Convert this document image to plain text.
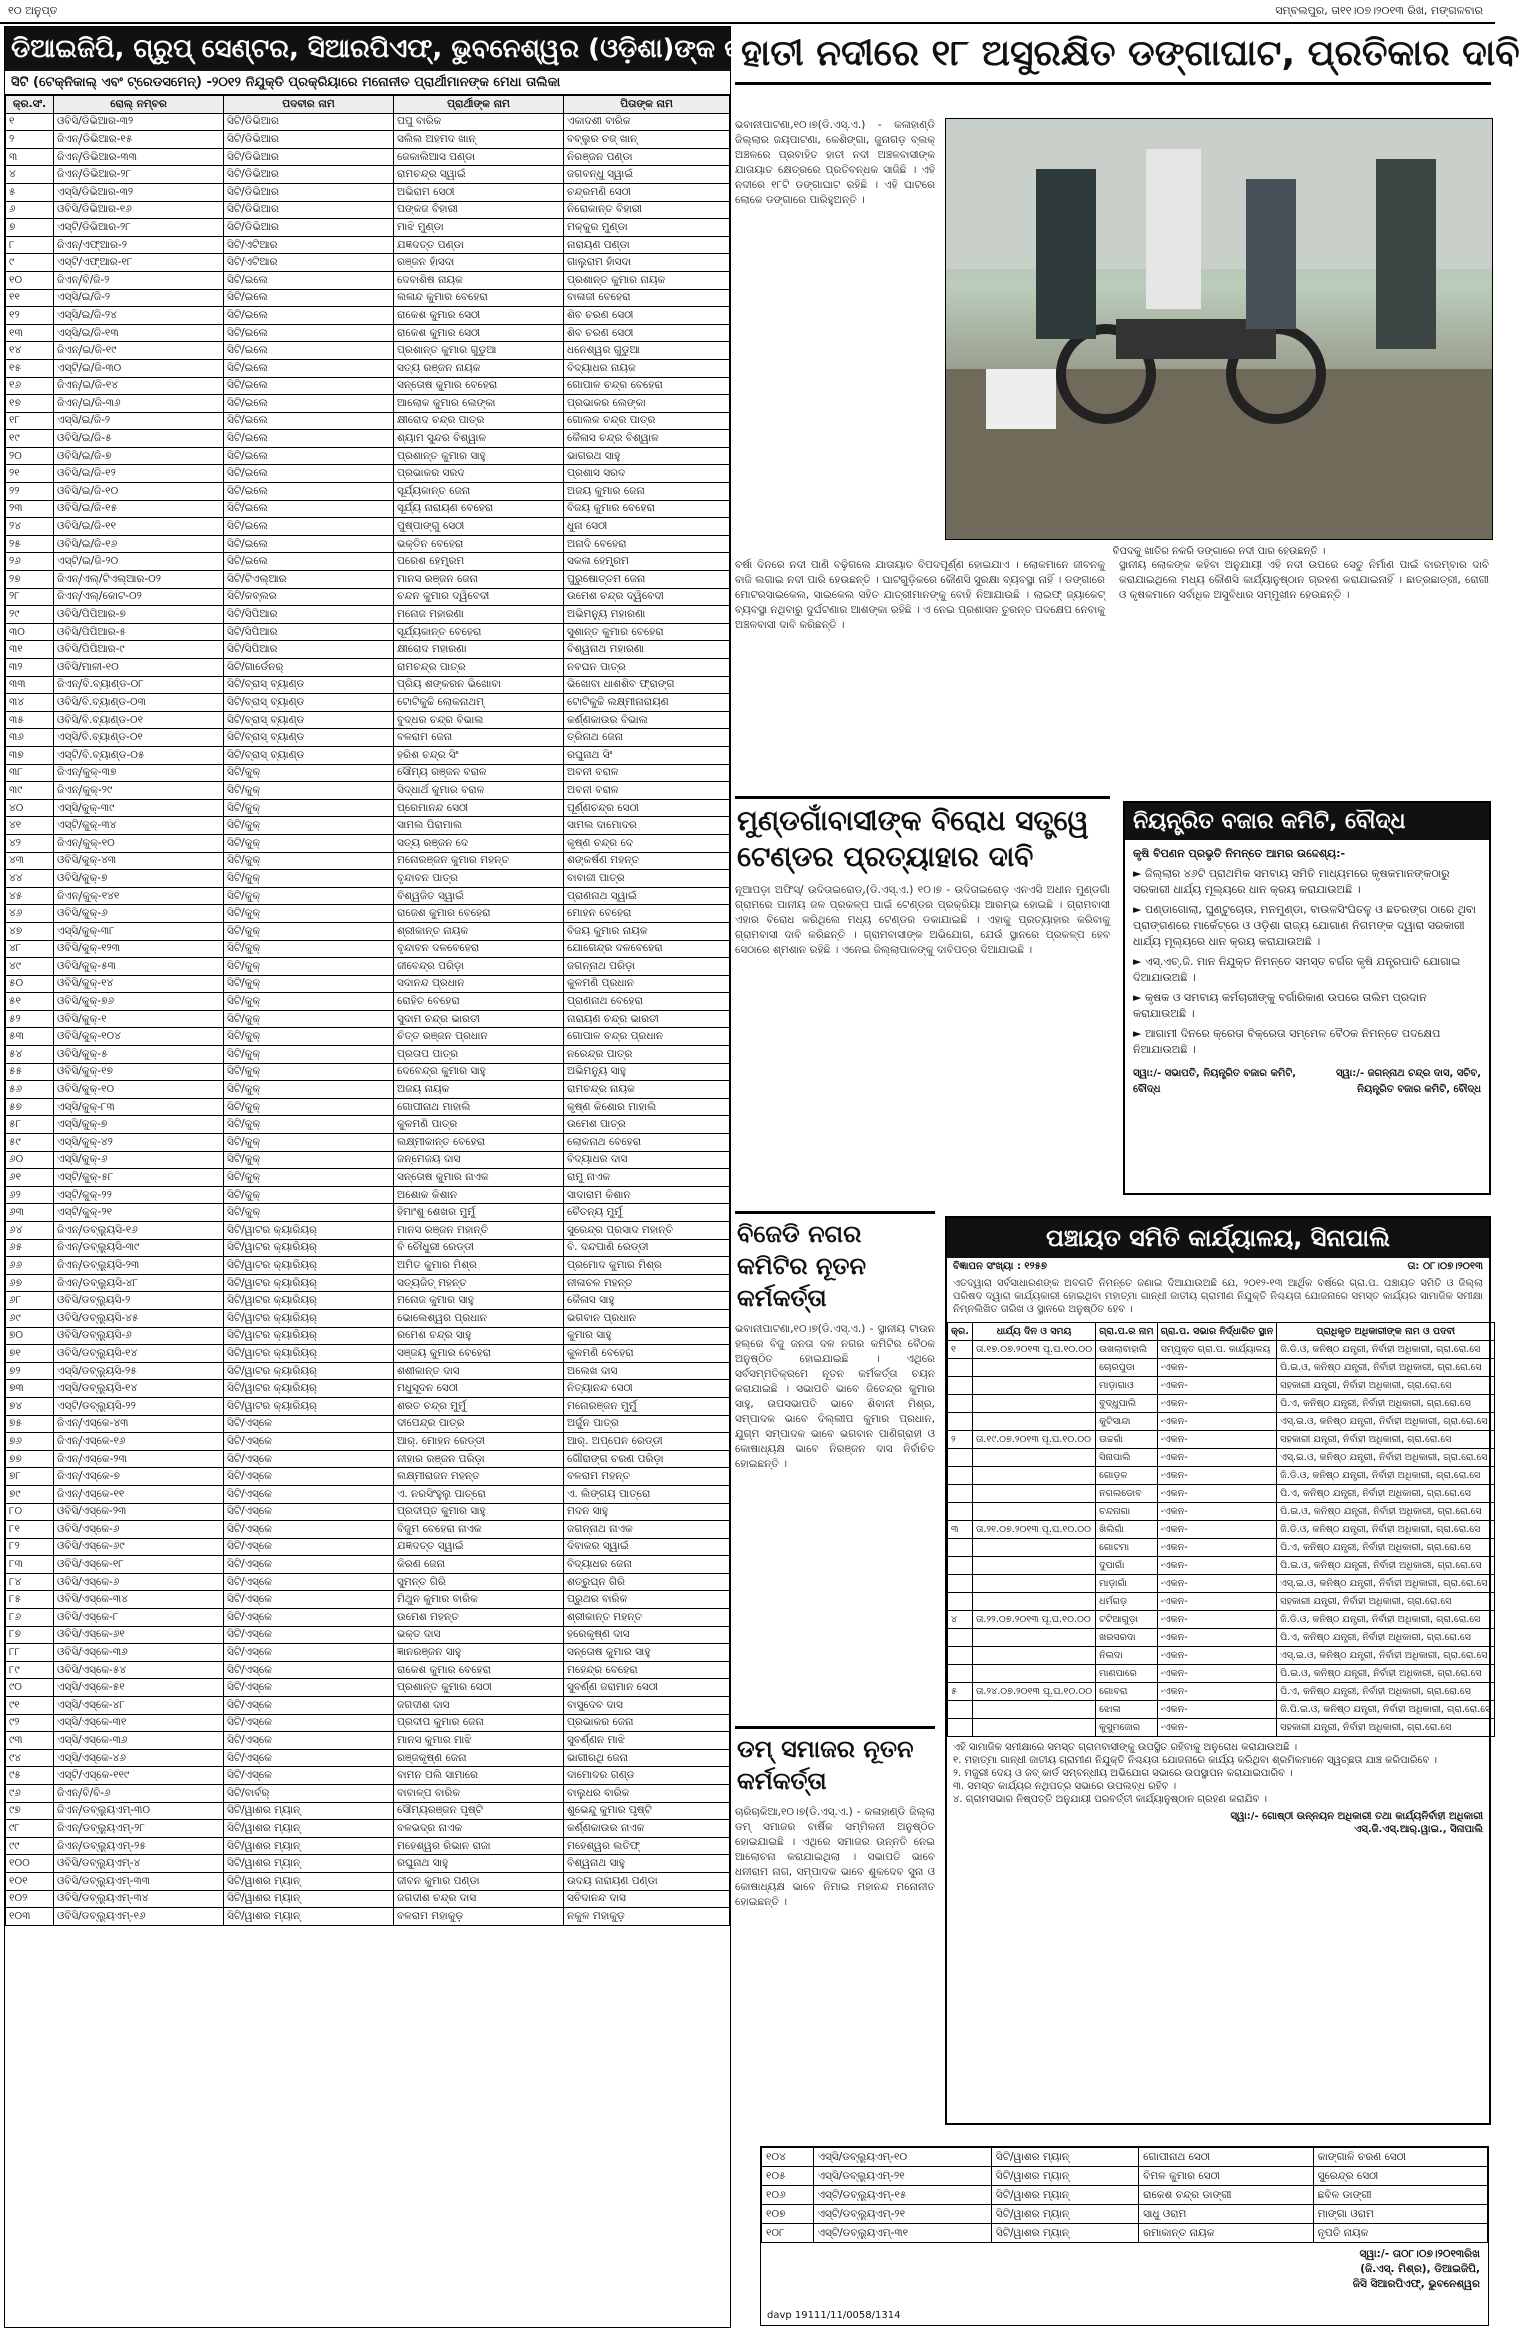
୧୦ ଅନୁପ୍ତ	ସମ୍ବଲପୁର, ତା୧୧।୦୭।୨୦୧୩ ରିଖ, ମଙ୍ଗଳବାର
ଡିଆଇଜିପି, ଗ୍ରୁପ୍ ସେଣ୍ଟର, ସିଆରପିଏଫ୍, ଭୁବନେଶ୍ୱର (ଓଡ଼ିଶା)ଙ୍କ କାର୍ଯ୍ୟାଳୟ
ସିଟି (ଟେକ୍ନିକାଲ୍ ଏବଂ ଟ୍ରେଡସମେନ୍) -୨୦୧୨ ନିଯୁକ୍ତି ପ୍ରକ୍ରିୟାରେ ମନୋନୀତ ପ୍ରାର୍ଥୀମାନଙ୍କ ମେଧା ତାଲିକା
କ୍ର.ସଂ.	ରୋଲ୍ ନମ୍ବର	ପଦବୀର ନାମ	ପ୍ରାର୍ଥୀଙ୍କ ନାମ	ପିତାଙ୍କ ନାମ
୧	ଓବିସି/ଡିଭିଆର-୩୨	ସିଟି/ଡିଭିଆର	ପପୁ ବାରିକ	ଏକାଦଶୀ ବାରିକ
୨	ଜିଏନ୍/ଡିଭିଆର-୧୫	ସିଟି/ଡିଭିଆର	ସଲିଲ ଅହମଦ ଖାନ୍	ବବ୍ଲୁର ଚଜ୍ ଖାନ୍
୩	ଜିଏନ୍/ଡିଭିଆର-୩୩	ସିଟି/ଡିଭିଆର	ଜେକାଲିଆସ ପଣ୍ଡା	ନିରଞ୍ଜନ ପଣ୍ଡା
୪	ଜିଏନ୍/ଡିଭିଆର-୨୮	ସିଟି/ଡିଭିଆର	ରାମଚନ୍ଦ୍ର ସ୍ୱାଇଁ	ଜଗବନ୍ଧୁ ସ୍ୱାଇଁ
୫	ଏସ୍‌ସି/ଡିଭିଆର-୩୨	ସିଟି/ଡିଭିଆର	ଅଭିରାମ ସେଠୀ	ଚନ୍ଦ୍ରମଣି ସେଠୀ
୬	ଓବିସି/ଡିଭିଆର-୧୬	ସିଟି/ଡିଭିଆର	ପଙ୍କଜ ବିହାରୀ	ନିରୋକାନ୍ତ ବିହାରୀ
୭	ଏସ୍‌ଟି/ଡିଭିଆର-୨୮	ସିଟି/ଡିଭିଆର	ମାଝି ମୁଣ୍ଡା	ମକ୍କୁର ମୁଣ୍ଡା
୮	ଜିଏନ୍/ଏଫ୍‌ଆର-୨	ସିଟି/ଏଟିଆର	ଯଜ୍ଞଦତ୍ତ ପଣ୍ଡା	ନାରାୟଣ ପଣ୍ଡା
୯	ଏସ୍‌ଟି/ଏଫ୍‌ଆର-୧୮	ସିଟି/ଏଟିଆର	ରଞ୍ଜନ ହାଁସଦା	ଗାଲୁରାମ ହାଁସଦା
୧୦	ଜିଏନ୍/ବି/ଜି-୨	ସିଟି/ଇଲେ	ଦେବାଶିଷ ନାୟକ	ପ୍ରଶାନ୍ତ କୁମାର ନାୟକ
୧୧	ଏସ୍‌ସି/ଇ/ଜି-୨	ସିଟି/ଇଲେ	ଲଳାନ୍ଦ କୁମାର ବେହେରା	ବାଳାଜୀ ବେହେରା
୧୨	ଏସ୍‌ସି/ଇ/ଜି-୨୪	ସିଟି/ଇଲେ	ରାକେଶ କୁମାର ସେଠୀ	ଶିବ ଚରଣ ସେଠୀ
୧୩	ଏସ୍‌ସି/ଇ/ଜି-୧୩	ସିଟି/ଇଲେ	ରାକେଶ କୁମାର ସେଠୀ	ଶିବ ଚରଣ ସେଠୀ
୧୪	ଜିଏନ୍/ଇ/ଜି-୧୯	ସିଟି/ଇଲେ	ପ୍ରଶାନ୍ତ କୁମାର ଗୁଡୁଆ	ଧନେଶ୍ୱର ଗୁଡୁଆ
୧୫	ଏସ୍‌ଟି/ଇ/ଜି-୩୦	ସିଟି/ଇଲେ	ସତ୍ୟ ରଞ୍ଜନ ନାୟକ	ବିଦ୍ୟାଧର ନାୟକ
୧୬	ଜିଏନ୍/ଇ/ଜି-୧୪	ସିଟି/ଇଲେ	ସନ୍ତୋଷ କୁମାର ବେହେରା	ଗୋପାଳ ଚନ୍ଦ୍ର ବେହେରା
୧୭	ଜିଏନ୍/ଇ/ଜି-୩୬	ସିଟି/ଇଲେ	ଆଲୋକ କୁମାର ଲେଙ୍କା	ପ୍ରଭାକର ଲେଙ୍କା
୧୮	ଏସ୍‌ସି/ଇ/ଜି-୨	ସିଟି/ଇଲେ	କ୍ଷୀରୋଦ ଚନ୍ଦ୍ର ପାତ୍ର	ଗୋଲକ ଚନ୍ଦ୍ର ପାତ୍ର
୧୯	ଓବିସି/ଇ/ଜି-୫	ସିଟି/ଇଲେ	ଶ୍ୟାମ ସୁନ୍ଦର ବିଶ୍ୱାଳ	କୈଳାସ ଚନ୍ଦ୍ର ବିଶ୍ୱାଳ
୨୦	ଓବିସି/ଇ/ଜି-୭	ସିଟି/ଇଲେ	ପ୍ରଶାନ୍ତ କୁମାର ସାହୁ	ଭାଗରଥ ସାହୁ
୨୧	ଓବିସି/ଇ/ଜି-୧୨	ସିଟି/ଇଲେ	ପ୍ରଭାକର ସରଦ	ପ୍ରଶାସ ସରଦ
୨୨	ଓବିସି/ଇ/ଜି-୧୦	ସିଟି/ଇଲେ	ସୂର୍ଯ୍ୟକାନ୍ତ ଜେନା	ଅଜୟ କୁମାର ଜେନା
୨୩	ଓବିସି/ଇ/ଜି-୧୫	ସିଟି/ଇଲେ	ସୂର୍ଯ୍ୟ ନାରାୟଣ ବେହେରା	ବିଜୟ କୁମାର ବେହେରା
୨୪	ଓବିସି/ଇ/ଜି-୧୧	ସିଟି/ଇଲେ	ପୁଷ୍ପାଙ୍ଗୁ ସେଠୀ	ଧୁନା ସେଠୀ
୨୫	ଓବିସି/ଇ/ଜି-୧୬	ସିଟି/ଇଲେ	ଭକ୍ତିନ ବେହେରା	ଅନାଦି ବେହେରା
୨୬	ଏସ୍‌ଟି/ଇ/ଜି-୨୦	ସିଟି/ଇଲେ	ପରେଶ ହେମ୍ବ୍ରମ	ସକଳା ହେମ୍ବ୍ରମ
୨୭	ଜିଏନ୍/ଏଲ୍/ଟିଏଲ୍‌ଆର-୦୨	ସିଟି/ଟିଏଲ୍‌ଆର	ମାନସ ରଞ୍ଜନ ଜେନା	ପୁରୁଷୋତ୍ତମ ଜେନା
୨୮	ଜିଏନ୍/ଏଲ୍/କୋଟ-୦୨	ସିଟି/କବ୍ଲର	ଚନ୍ଦନ କୁମାର ଦ୍ୱିବେଦୀ	ଉମେଶ ଚନ୍ଦ୍ର ଦ୍ୱିବେଦୀ
୨୯	ଓବିସି/ପିପିଆର-୭	ସିଟି/ସିପିଆର	ମନୋଜ ମହାରଣା	ଅଭିମନ୍ୟୁ ମହାରଣା
୩୦	ଓବିସି/ପିପିଆର-୫	ସିଟି/ସିପିଆର	ସୂର୍ଯ୍ୟକାନ୍ତ ବେହେରା	ସୁଶାନ୍ତ କୁମାର ବେହେରା
୩୧	ଓବିସି/ପିପିଆର-୯	ସିଟି/ସିପିଆର	କ୍ଷୀରୋଦ ମହାରଣା	ବିଶ୍ୱନାଥ ମହାରଣା
୩୨	ଓବିସି/ମାଳୀ-୧୦	ସିଟି/ଗାର୍ଡେନର୍	ରାମଚନ୍ଦ୍ର ପାତ୍ର	ନବଘନ ପାତ୍ର
୩୩	ଜିଏନ୍/ବି.ବ୍ୟାଣ୍ଡ-୦୮	ସିଟି/ବ୍ରାସ୍ ବ୍ୟାଣ୍ଡ	ପ୍ରିୟ ଶଙ୍କରନ ଭିଖୋବା	ଭିଖୋବା ଧାଶଶିବ ଫ୍ରାଙ୍ଗ
୩୪	ଓବିସି/ବି.ବ୍ୟାଣ୍ଡ-୦୩	ସିଟି/ବ୍ରାସ୍ ବ୍ୟାଣ୍ଡ	ଟୋଟିକୁଚ୍ଚି ଲୋକନାଥମ୍	ଟୋଟିକୁଚ୍ଚି ଲକ୍ଷ୍ମୀନାରାୟଣ
୩୫	ଓବିସି/ବି.ବ୍ୟାଣ୍ଡ-୦୧	ସିଟି/ବ୍ରାସ୍ ବ୍ୟାଣ୍ଡ	ବୁଦ୍ଧର ଚନ୍ଦ୍ର ବିଭାଲ	କର୍ଣ୍ଣକାଉର ବିଭାଲ
୩୬	ଏସ୍‌ସି/ବି.ବ୍ୟାଣ୍ଡ-୦୧	ସିଟି/ବ୍ରାସ୍ ବ୍ୟାଣ୍ଡ	ବଳରାମ ଜେନା	ତ୍ରିନାଥ ଜେନା
୩୭	ଏସ୍‌ଟି/ବି.ବ୍ୟାଣ୍ଡ-୦୫	ସିଟି/ବ୍ରାସ୍ ବ୍ୟାଣ୍ଡ	ହରିଶ ଚନ୍ଦ୍ର ସିଂ	ରଘୁନାଥ ସିଂ
୩୮	ଜିଏନ୍/କୁକ୍-୩୭	ସିଟି/କୁକ୍	ସୌମ୍ୟ ରଞ୍ଜନ ବରାଳ	ଅବନୀ ବରାଳ
୩୯	ଜିଏନ୍/କୁକ୍-୨୯	ସିଟି/କୁକ୍	ସିଦ୍ଧାର୍ଥ କୁମାର ବରାଳ	ଅବନୀ ବରାଳ
୪୦	ଏସ୍‌ସି/କୁକ୍-୩୯	ସିଟି/କୁକ୍	ପ୍ରେମାନନ୍ଦ ସେଠୀ	ପୂର୍ଣ୍ଣଚନ୍ଦ୍ର ସେଠୀ
୪୧	ଏସ୍‌ଟି/କୁକ୍-୩୪	ସିଟି/କୁକ୍	ସାମଲ ପିରାମାଲ	ସାମଲ ଦାମୋଦର
୪୨	ଜିଏନ୍/କୁକ୍-୧୦	ସିଟି/କୁକ୍	ସତ୍ୟ ରଞ୍ଜନ ଦେ	କୃଷ୍ଣ ଚନ୍ଦ୍ର ଦେ
୪୩	ଓବିସି/କୁକ୍-୪୩	ସିଟି/କୁକ୍	ମନୋରଞ୍ଜନ କୁମାର ମହନ୍ତ	ଶଙ୍କର୍ଷଣ ମହନ୍ତ
୪୪	ଓବିସି/କୁକ୍-୭	ସିଟି/କୁକ୍	ବୃନ୍ଦାବନ ପାତ୍ର	ବାବାଜୀ ପାତ୍ର
୪୫	ଜିଏନ୍/କୁକ୍-୧୪୧	ସିଟି/କୁକ୍	ବିଶ୍ୱଜିତ ସ୍ୱାଇଁ	ପ୍ରାଣନାଥ ସ୍ୱାଇଁ
୪୬	ଓବିସି/କୁକ୍-୬	ସିଟି/କୁକ୍	ରାଜେଶ କୁମାର ବେହେରା	ମୋହନ ବେହେରା
୪୭	ଏସ୍‌ସି/କୁକ୍-୩୮	ସିଟି/କୁକ୍	ଶ୍ରୀକାନ୍ତ ନାୟକ	ବିଜୟ କୁମାର ନାୟକ
୪୮	ଓବିସି/କୁକ୍-୧୨୩	ସିଟି/କୁକ୍	ବୃନ୍ଦାବନ ଦଳବେହେରା	ଯୋଗେନ୍ଦ୍ର ଦଳବେହେରା
୪୯	ଓବିସି/କୁକ୍-୫୩	ସିଟି/କୁକ୍	ଜୀବେନ୍ଦ୍ର ପରିଡ଼ା	ଜଗନ୍ନାଥ ପରିଡ଼ା
୫୦	ଓବିସି/କୁକ୍-୧୪	ସିଟି/କୁକ୍	ସଦାନନ୍ଦ ପ୍ରଧାନ	କୁଳମଣି ପ୍ରଧାନ
୫୧	ଓବିସି/କୁକ୍-୭୬	ସିଟି/କୁକ୍	ରୋହିତ ବେହେରା	ପ୍ରାଣନାଥ ବେହେରା
୫୨	ଓବିସି/କୁକ୍-୧	ସିଟି/କୁକ୍	ସୁଦାମ ଚନ୍ଦ୍ର ଭାରତୀ	ନାରାୟଣ ଚନ୍ଦ୍ର ଭାରତୀ
୫୩	ଓବିସି/କୁକ୍-୧୦୪	ସିଟି/କୁକ୍	ଚିତ୍ତ ରଞ୍ଜନ ପ୍ରଧାନ	ଗୋପାଳ ଚନ୍ଦ୍ର ପ୍ରଧାନ
୫୪	ଓବିସି/କୁକ୍-୫	ସିଟି/କୁକ୍	ପ୍ରତାପ ପାତ୍ର	ନରେନ୍ଦ୍ର ପାତ୍ର
୫୫	ଓବିସି/କୁକ୍-୧୭	ସିଟି/କୁକ୍	ଦେବେନ୍ଦ୍ର କୁମାର ସାହୁ	ଅଭିମନ୍ୟୁ ସାହୁ
୫୬	ଓବିସି/କୁକ୍-୧୦	ସିଟି/କୁକ୍	ଅଜୟ ନାୟକ	ରାମଚନ୍ଦ୍ର ନାୟକ
୫୭	ଏସ୍‌ସି/କୁକ୍-୮୩	ସିଟି/କୁକ୍	ଗୋପୀନାଥ ମାହାଲି	କୃଷ୍ଣ କିଶୋର ମାହାଲି
୫୮	ଏସ୍‌ସି/କୁକ୍-୭	ସିଟି/କୁକ୍	କୁଳମଣି ପାତ୍ର	ଉମେଶ ପାତ୍ର
୫୯	ଏସ୍‌ସି/କୁକ୍-୪୨	ସିଟି/କୁକ୍	ଲକ୍ଷ୍ମୀକାନ୍ତ ବେହେରା	ଲୋକନାଥ ବେହେରା
୬୦	ଏସ୍‌ସି/କୁକ୍-୬	ସିଟି/କୁକ୍	ଜନ୍ମେଜୟ ଦାସ	ବିଦ୍ୟାଧର ଦାସ
୬୧	ଏସ୍‌ଟି/କୁକ୍-୫୮	ସିଟି/କୁକ୍	ସନ୍ତୋଷ କୁମାର ନାଏକ	ରାମୁ ନାଏକ
୬୨	ଏସ୍‌ଟି/କୁକ୍-୨୨	ସିଟି/କୁକ୍	ଅଶୋକ କିଶାନ	ସାଦାରାମ କିଶାନ
୬୩	ଏସ୍‌ଟି/କୁକ୍-୨୧	ସିଟି/କୁକ୍	ହିମାଂଶୁ ଶେଖର ମୁର୍ମୁ	ଚୈତନ୍ୟ ମୁର୍ମୁ
୬୪	ଜିଏନ୍/ଡବ୍ଲ୍ୟୁସି-୧୬	ସିଟି/ୱାଟର କ୍ୟାରିୟର୍	ମାନସ ରଞ୍ଜନ ମହାନ୍ତି	ସୁରେନ୍ଦ୍ର ପ୍ରସାଦ ମହାନ୍ତି
୬୫	ଜିଏନ୍/ଡବ୍ଲ୍ୟୁସି-୩୯	ସିଟି/ୱାଟର କ୍ୟାରିୟର୍	ବି ଚୌଧୁରୀ ରେଡ୍ଡୀ	ବି. ଦନ୍ଦପାଣି ରେଡ୍ଡୀ
୬୬	ଜିଏନ୍/ଡବ୍ଲ୍ୟୁସି-୨୩	ସିଟି/ୱାଟର କ୍ୟାରିୟର୍	ଅମିତ କୁମାର ମିଶ୍ର	ପ୍ରମୋଦ କୁମାର ମିଶ୍ର
୬୭	ଜିଏନ୍/ଡବ୍ଲ୍ୟୁସି-୪୮	ସିଟି/ୱାଟର କ୍ୟାରିୟର୍	ସତ୍ୟଜିତ୍ ମହନ୍ତ	ନୀଳାଚଳ ମହନ୍ତ
୬୮	ଓବିସି/ଡବ୍ଲ୍ୟୁସି-୨	ସିଟି/ୱାଟର କ୍ୟାରିୟର୍	ମନୋଜ କୁମାର ସାହୁ	କୈଳାସ ସାହୁ
୬୯	ଓବିସି/ଡବ୍ଲ୍ୟୁସି-୪୫	ସିଟି/ୱାଟର କ୍ୟାରିୟର୍	ଭୋଲେଶ୍ୱର ପ୍ରଧାନ	ଭଗବାନ ପ୍ରଧାନ
୭୦	ଓବିସି/ଡବ୍ଲ୍ୟୁସି-୬	ସିଟି/ୱାଟର କ୍ୟାରିୟର୍	ରମେଶ ଚନ୍ଦ୍ର ସାହୁ	କୁମାର ସାହୁ
୭୧	ଓବିସି/ଡବ୍ଲ୍ୟୁସି-୧୪	ସିଟି/ୱାଟର କ୍ୟାରିୟର୍	ସଞ୍ଜୟ କୁମାର ବେହେରା	କୁଳମଣି ବେହେରା
୭୨	ଏସ୍‌ସି/ଡବ୍ଲ୍ୟୁସି-୨୫	ସିଟି/ୱାଟର କ୍ୟାରିୟର୍	ଶଶୀକାନ୍ତ ଦାସ	ଅଲେଖ ଦାସ
୭୩	ଏସ୍‌ସି/ଡବ୍ଲ୍ୟୁସି-୧୪	ସିଟି/ୱାଟର କ୍ୟାରିୟର୍	ମଧୁସୂଦନ ସେଠୀ	ନିତ୍ୟାନନ୍ଦ ସେଠୀ
୭୪	ଏସ୍‌ଟି/ଡବ୍ଲ୍ୟୁସି-୨୨	ସିଟି/ୱାଟର କ୍ୟାରିୟର୍	ଶରତ ଚନ୍ଦ୍ର ମୁର୍ମୁ	ମନୋରଞ୍ଜନ ମୁର୍ମୁ
୭୫	ଜିଏନ୍/ଏସ୍‌କେ-୪୩	ସିଟି/ଏସ୍‌କେ	ଦୀପେନ୍ଦ୍ର ପାତ୍ର	ଅର୍ଜୁନ ପାତ୍ର
୭୬	ଜିଏନ୍/ଏସ୍‌କେ-୧୬	ସିଟି/ଏସ୍‌କେ	ଆର୍. ମୋହନ ରେଡ୍ଡୀ	ଆର୍. ଅପ୍ପେନ ରେଡ୍ଡୀ
୭୭	ଜିଏନ୍/ଏସ୍‌କେ-୨୩	ସିଟି/ଏସ୍‌କେ	ନୀହାର ରଞ୍ଜନ ପରିଡ଼ା	ଗୌରାଙ୍ଗ ଚରଣ ପରିଡ଼ା
୭୮	ଜିଏନ୍/ଏସ୍‌କେ-୭	ସିଟି/ଏସ୍‌କେ	ଲକ୍ଷ୍ମୀରାଜନ ମହନ୍ତ	ବଳରାମ ମହନ୍ତ
୭୯	ଜିଏନ୍/ଏସ୍‌କେ-୧୧	ସିଟି/ଏସ୍‌କେ	ଏ. ନରସିଂହୁଲୁ ପାତ୍ରୋ	ଏ. ଲିଙ୍ଗୟ ପାତ୍ରୋ
୮୦	ଓବିସି/ଏସ୍‌କେ-୨୩	ସିଟି/ଏସ୍‌କେ	ପ୍ରଦୀପ୍ତ କୁମାର ସାହୁ	ମଦନ ସାହୁ
୮୧	ଓବିସି/ଏସ୍‌କେ-୬	ସିଟି/ଏସ୍‌କେ	ବିଜୁମ ବେହେରା ନାଏକ	ଜଗନ୍ନାଥ ନାଏକ
୮୨	ଓବିସି/ଏସ୍‌କେ-୬୯	ସିଟି/ଏସ୍‌କେ	ଯଜ୍ଞଦତ୍ତ ସ୍ୱାଇଁ	ଦିବାକର ସ୍ୱାଇଁ
୮୩	ଓବିସି/ଏସ୍‌କେ-୧୮	ସିଟି/ଏସ୍‌କେ	କିରଣ ଜେନା	ବିଦ୍ୟାଧର ଜେନା
୮୪	ଓବିସି/ଏସ୍‌କେ-୬	ସିଟି/ଏସ୍‌କେ	ସୁମନ୍ତ ଗିରି	ଶତ୍ରୁଘ୍ନ ଗିରି
୮୫	ଓବିସି/ଏସ୍‌କେ-୩୪	ସିଟି/ଏସ୍‌କେ	ମିଥୁନ କୁମାର ବାରିକ	ପ୍ରୁଥର ବାରିକ
୮୬	ଓବିସି/ଏସ୍‌କେ-୮	ସିଟି/ଏସ୍‌କେ	ଉମେଶ ମହନ୍ତ	ଶ୍ରୀକାନ୍ତ ମହନ୍ତ
୮୭	ଓବିସି/ଏସ୍‌କେ-୬୧	ସିଟି/ଏସ୍‌କେ	ଭକ୍ତ ଦାସ	ହରେକୃଷ୍ଣ ଦାସ
୮୮	ଓବିସି/ଏସ୍‌କେ-୩୬	ସିଟି/ଏସ୍‌କେ	ଜ୍ଞାନରଞ୍ଜନ ସାହୁ	ସନ୍ତୋଷ କୁମାର ସାହୁ
୮୯	ଓବିସି/ଏସ୍‌କେ-୫୪	ସିଟି/ଏସ୍‌କେ	ରାକେଶ କୁମାର ବେହେରା	ମହେନ୍ଦ୍ର ବେହେରା
୯୦	ଏସ୍‌ସି/ଏସ୍‌କେ-୫୧	ସିଟି/ଏସ୍‌କେ	ପ୍ରଶାନ୍ତ କୁମାର ସେଠୀ	ସୁବର୍ଣ୍ଣ ଜରାମାନ ସେଠୀ
୯୧	ଏସ୍‌ସି/ଏସ୍‌କେ-୪୮	ସିଟି/ଏସ୍‌କେ	ଜଗଦୀଶ ଦାସ	ବାସୁଦେବ ଦାସ
୯୨	ଏସ୍‌ସି/ଏସ୍‌କେ-୩୧	ସିଟି/ଏସ୍‌କେ	ପ୍ରଦୀପ କୁମାର ଜେନା	ପ୍ରଭାକର ଜେନା
୯୩	ଏସ୍‌ସି/ଏସ୍‌କେ-୩୬	ସିଟି/ଏସ୍‌କେ	ମାନସ କୁମାର ମାଝି	ସୁବର୍ଣ୍ଣନ ମାଝି
୯୪	ଏସ୍‌ସି/ଏସ୍‌କେ-୪୬	ସିଟି/ଏସ୍‌କେ	ରଞ୍ଜକୃଷ୍ଣ ଜେନା	ଭାଗୀରଥି ଜେନା
୯୫	ଏସ୍‌ଟି/ଏସ୍‌କେ-୧୧୯	ସିଟି/ଏସ୍‌କେ	ବାମନ ପଲି ସାମାରେ	ଦାମୋଦର ଗଣ୍ଡ
୯୬	ଜିଏନ୍/ବି/ବି-୬	ସିଟି/ବାର୍ବର୍	ବାବାଳ୍ପ ବାରିକ	ବାଲୁଧର ବାରିକ
୯୭	ଜିଏନ୍/ଡବ୍ଲ୍ୟୁଏମ୍-୩୦	ସିଟି/ୱାଶର ମ୍ୟାନ୍	ସୌମ୍ୟରଞ୍ଜନ ପୃଷ୍ଟି	ଶୁଭେନ୍ଦୁ କୁମାର ପୃଷ୍ଟି
୯୮	ଜିଏନ୍/ଡବ୍ଲ୍ୟୁଏମ୍-୨୮	ସିଟି/ୱାଶର ମ୍ୟାନ୍	ବଳଭଦ୍ର ନାଏକ	କର୍ଣ୍ଣକାଉର ନାଏକ
୯୯	ଜିଏନ୍/ଡବ୍ଲ୍ୟୁଏମ୍-୨୫	ସିଟି/ୱାଶର ମ୍ୟାନ୍	ମହେଶ୍ୱର ରିଭାନ ରାଜା	ମହେଶ୍ୱର ଲତିଫ୍
୧୦୦	ଓବିସି/ଡବ୍ଲ୍ୟୁଏମ୍-୪	ସିଟି/ୱାଶର ମ୍ୟାନ୍	ରଘୁନାଥ ସାହୁ	ବିଶ୍ୱନାଥ ସାହୁ
୧୦୧	ଓବିସି/ଡବ୍ଲ୍ୟୁଏମ୍-୩୩	ସିଟି/ୱାଶର ମ୍ୟାନ୍	ଜୀବନ କୁମାର ପଣ୍ଡା	ଉଦୟ ନାରାୟଣ ପଣ୍ଡା
୧୦୨	ଓବିସି/ଡବ୍ଲ୍ୟୁଏମ୍-୩୪	ସିଟି/ୱାଶର ମ୍ୟାନ୍	ଜଗଦୀଶ ଚନ୍ଦ୍ର ଦାସ	ସଚିଦାନନ୍ଦ ଦାସ
୧୦୩	ଓବିସି/ଡବ୍ଲ୍ୟୁଏମ୍-୧୬	ସିଟି/ୱାଶର ମ୍ୟାନ୍	ବଳରାମ ମହାକୁଡ଼	ନକୁଳ ମହାକୁଡ଼
ହାତୀ ନଦୀରେ ୧୮ ଅସୁରକ୍ଷିତ ଡଙ୍ଗାଘାଟ, ପ୍ରତିକାର ଦାବି
ଭବାନୀପାଟଣା,୧୦।୭(ଡି.ଏସ୍.ଏ.) - କଳାହାଣ୍ଡି ଜିଲ୍ଲାର ଜୟପାଟଣା, କେଶିଙ୍ଗା, ଜୁନାଗଡ଼ ବ୍ଲକ୍ ଅଞ୍ଚଳରେ ପ୍ରବାହିତ ହାତୀ ନଦୀ ଅଞ୍ଚଳବାସୀଙ୍କ ଯାତାୟାତ କ୍ଷେତ୍ରରେ ପ୍ରତିବନ୍ଧକ ସାଜିଛି । ଏହି ନଦୀରେ ୧୮ଟି ଡଙ୍ଗାଘାଟ ରହିଛି । ଏହି ଘାଟରେ ଲୋକେ ଡଙ୍ଗାରେ ପାରିହୁଅନ୍ତି ।
ବିପଦକୁ ଖାତିର ନକରି ଡଙ୍ଗାରେ ନଦୀ ପାର ହେଉଛନ୍ତି ।
ବର୍ଷା ଦିନରେ ନଦୀ ପାଣି ବଢ଼ିଗଲେ ଯାତାୟାତ ବିପଦପୂର୍ଣ୍ଣ ହୋଇଯାଏ । ଲୋକମାନେ ଜୀବନକୁ ବାଜି ଲଗାଇ ନଦୀ ପାରି ହେଉଛନ୍ତି । ଘାଟଗୁଡ଼ିକରେ କୌଣସି ସୁରକ୍ଷା ବ୍ୟବସ୍ଥା ନାହିଁ । ଡଙ୍ଗାରେ ମୋଟରସାଇକେଲ, ସାଇକେଲ ସହିତ ଯାତ୍ରୀମାନଙ୍କୁ ବୋହି ନିଆଯାଉଛି । ଲାଇଫ୍ ଜ୍ୟାକେଟ୍ ବ୍ୟବସ୍ଥା ନଥିବାରୁ ଦୁର୍ଘଟଣାର ଆଶଙ୍କା ରହିଛି । ଏ ନେଇ ପ୍ରଶାସନ ତୁରନ୍ତ ପଦକ୍ଷେପ ନେବାକୁ ଅଞ୍ଚଳବାସୀ ଦାବି କରିଛନ୍ତି ।
ସ୍ଥାନୀୟ ଲୋକଙ୍କ କହିବା ଅନୁଯାୟୀ ଏହି ନଦୀ ଉପରେ ସେତୁ ନିର୍ମାଣ ପାଇଁ ବାରମ୍ବାର ଦାବି କରାଯାଇଥିଲେ ମଧ୍ୟ କୌଣସି କାର୍ଯ୍ୟାନୁଷ୍ଠାନ ଗ୍ରହଣ କରାଯାଇନାହିଁ । ଛାତ୍ରଛାତ୍ରୀ, ରୋଗୀ ଓ କୃଷକମାନେ ସର୍ବାଧିକ ଅସୁବିଧାର ସମ୍ମୁଖୀନ ହେଉଛନ୍ତି ।
ମୁଣ୍ଡଗାଁବାସୀଙ୍କ ବିରୋଧ ସତ୍ତ୍ୱେ ଟେଣ୍ଡର ପ୍ରତ୍ୟାହାର ଦାବି
ନୂଆପଡ଼ା ଅଫିସ୍/ ଉଦିତାଇରୋଡ୍,(ଡି.ଏସ୍.ଏ.) ୧୦।୭ - ଉଦିତାଇରୋଡ଼ ଏନଏସି ଅଧୀନ ମୁଣ୍ଡଗାଁ ଗ୍ରାମରେ ପାନୀୟ ଜଳ ପ୍ରକଳ୍ପ ପାଇଁ ଟେଣ୍ଡର ପ୍ରକ୍ରିୟା ଆରମ୍ଭ ହୋଇଛି । ଗ୍ରାମବାସୀ ଏହାର ବିରୋଧ କରିଥିଲେ ମଧ୍ୟ ଟେଣ୍ଡର ଡକାଯାଇଛି । ଏହାକୁ ପ୍ରତ୍ୟାହାର କରିବାକୁ ଗ୍ରାମବାସୀ ଦାବି କରିଛନ୍ତି । ଗ୍ରାମବାସୀଙ୍କ ଅଭିଯୋଗ, ଯେଉଁ ସ୍ଥାନରେ ପ୍ରକଳ୍ପ ହେବ ସେଠାରେ ଶ୍ମଶାନ ରହିଛି । ଏନେଇ ଜିଲ୍ଲାପାଳଙ୍କୁ ଦାବିପତ୍ର ଦିଆଯାଇଛି ।
ନିୟନ୍ତ୍ରିତ ବଜାର କମିଟି, ବୌଦ୍ଧ
କୃଷି ବିପଣନ ପ୍ରଭୃତି ନିମନ୍ତେ ଆମର ଉଦ୍ଦେଶ୍ୟ:-
► ଜିଲ୍ଲାର ୪୬ଟି ପ୍ରାଥମିକ ସମବାୟ ସମିତି ମାଧ୍ୟମରେ କୃଷକମାନଙ୍କଠାରୁ ସରକାରୀ ଧାର୍ଯ୍ୟ ମୂଲ୍ୟରେ ଧାନ କ୍ରୟ କରାଯାଉଅଛି ।
► ପଣ୍ଡାଗୋଲା, ଘୁଣ୍ଟୁଚୋଉ, ମନମୁଣ୍ଡା, ବାଉଳସିଂଘିତଳୁ ଓ ଛତରଙ୍ଗ ଠାରେ ଥିବା ପ୍ରାଙ୍ଗଣରେ ମାର୍କେଟ୍‌ରେ ଓ ଓଡ଼ିଶା ରାଜ୍ୟ ଯୋଗାଣ ନିଗମଙ୍କ ଦ୍ୱାରା ସରକାରୀ ଧାର୍ଯ୍ୟ ମୂଲ୍ୟରେ ଧାନ କ୍ରୟ କରାଯାଉଅଛି ।
► ଏସ୍.ଏଚ୍.ଜି. ମାନ ନିଯୁକ୍ତ ନିମନ୍ତେ ସମସ୍ତ ବର୍ଗର କୃଷି ଯନ୍ତ୍ରପାତି ଯୋଗାଇ ଦିଆଯାଉଅଛି ।
► କୃଷକ ଓ ସମବାୟ କର୍ମଚାରୀଙ୍କୁ ବର୍ଗାରିକାଣ ଉପରେ ତାଲିମ ପ୍ରଦାନ କରାଯାଉଅଛି ।
► ଆଗାମୀ ଦିନରେ କ୍ରେତା ବିକ୍ରେତା ସମ୍ମେଳ ବୈଠକ ନିମନ୍ତେ ପଦକ୍ଷେପ ନିଆଯାଉଅଛି ।
ସ୍ୱା:/- ସଭାପତି, ନିୟନ୍ତ୍ରିତ ବଜାର କମିଟି, ବୌଦ୍ଧ
ସ୍ୱା:/- ଜଗନ୍ନାଥ ଚନ୍ଦ୍ର ଦାସ, ସଚିବ, ନିୟନ୍ତ୍ରିତ ବଜାର କମିଟି, ବୌଦ୍ଧ
ବିଜେଡି ନଗର କମିଟିର ନୂତନ କର୍ମକର୍ତ୍ତା
ଭବାନୀପାଟଣା,୧୦।୭(ଡି.ଏସ୍.ଏ.) - ସ୍ଥାନୀୟ ଟାଉନ ହଲ୍‌ରେ ବିଜୁ ଜନତା ଦଳ ନଗର କମିଟିର ବୈଠକ ଅନୁଷ୍ଠିତ ହୋଇଯାଇଛି । ଏଥିରେ ସର୍ବସମ୍ମତିକ୍ରମେ ନୂତନ କର୍ମକର୍ତ୍ତା ଚୟନ କରାଯାଇଛି । ସଭାପତି ଭାବେ ଜିତେନ୍ଦ୍ର କୁମାର ସାହୁ, ଉପସଭାପତି ଭାବେ ଶିବାନୀ ମିଶ୍ର, ସମ୍ପାଦକ ଭାବେ ଦିଲ୍ଲୀପ କୁମାର ପ୍ରଧାନ, ଯୁଗ୍ମ ସମ୍ପାଦକ ଭାବେ ଭଗବାନ ପାଣିଗ୍ରାହୀ ଓ କୋଷାଧ୍ୟକ୍ଷ ଭାବେ ନିରଞ୍ଜନ ଦାସ ନିର୍ବାଚିତ ହୋଇଛନ୍ତି ।
ଡମ୍ ସମାଜର ନୂତନ କର୍ମକର୍ତ୍ତା
ଚାରିଚାକିଆ,୧୦।୭(ଡି.ଏସ୍.ଏ.) - କଳାହାଣ୍ଡି ଜିଲ୍ଲା ଡମ୍ ସମାଜର ବାର୍ଷିକ ସମ୍ମିଳନୀ ଅନୁଷ୍ଠିତ ହୋଇଯାଇଛି । ଏଥିରେ ସମାଜର ଉନ୍ନତି ନେଇ ଆଲୋଚନା କରାଯାଇଥିଲା । ସଭାପତି ଭାବେ ଧନୀରାମ ନାଗ, ସମ୍ପାଦକ ଭାବେ ଶୁକଦେବ ସୁନା ଓ କୋଷାଧ୍ୟକ୍ଷ ଭାବେ ନିମାଇ ମହାନନ୍ଦ ମନୋନୀତ ହୋଇଛନ୍ତି ।
ପଞ୍ଚାୟତ ସମିତି କାର୍ଯ୍ୟାଳୟ, ସିନାପାଲି
ବିଜ୍ଞାପନ ସଂଖ୍ୟା : ୧୨୫୭	ତା: ୦୮।୦୭।୨୦୧୩
ଏତଦ୍ୱାରା ସର୍ବସାଧାରଣଙ୍କ ଅବଗତି ନିମନ୍ତେ ଜଣାଇ ଦିଆଯାଉଅଛି ଯେ, ୨୦୧୨-୧୩ ଆର୍ଥିକ ବର୍ଷରେ ଗ୍ରା.ପ. ପଞ୍ଚାୟତ ସମିତି ଓ ଜିଲ୍ଲା ପରିଷଦ ଦ୍ୱାରା କାର୍ଯ୍ୟକାରୀ ହୋଇଥିବା ମହାତ୍ମା ଗାନ୍ଧୀ ଜାତୀୟ ଗ୍ରାମୀଣ ନିଯୁକ୍ତି ନିଶ୍ଚୟତା ଯୋଜନାରେ ସମସ୍ତ କାର୍ଯ୍ୟର ସାମାଜିକ ସମୀକ୍ଷା ନିମ୍ନଲିଖିତ ତାରିଖ ଓ ସ୍ଥାନରେ ଅନୁଷ୍ଠିତ ହେବ ।
କ୍ର.	ଧାର୍ଯ୍ୟ ଦିନ ଓ ସମୟ	ଗ୍ରା.ପ.ର ନାମ	ଗ୍ରା.ପ. ସଭାର ନିର୍ଦ୍ଧାରିତ ସ୍ଥାନ	ପ୍ରାଧିକୃତ ଅଧିକାରୀଙ୍କ ନାମ ଓ ପଦବୀ
୧	ତା.୧୭.୦୭.୨୦୧୩ ପୂ.ଘ.୧୦.୦୦	ଉଖଲାବାହାଲି	ସମ୍ପୃକ୍ତ ଗ୍ରା.ପ. କାର୍ଯ୍ୟାଳୟ	ଜି.ଡି.ଓ, କନିଷ୍ଠ ଯନ୍ତ୍ରୀ, ନିର୍ବାହୀ ଅଧିକାରୀ, ଗ୍ରା.ରୋ.ସେ
		ଚୋରପୁଡା	-ଏକନ-	ପି.ଇ.ଓ, କନିଷ୍ଠ ଯନ୍ତ୍ରୀ, ନିର୍ବାହୀ ଅଧିକାରୀ, ଗ୍ରା.ରୋ.ସେ
		ମାଡ଼ାଗାଓ	-ଏକନ-	ସହକାରୀ ଯନ୍ତ୍ରୀ, ନିର୍ବାହୀ ଅଧିକାରୀ, ଗ୍ରା.ରୋ.ସେ
		ବୁଦ୍ଧୁପାଲି	-ଏକନ-	ପି.ଏ, କନିଷ୍ଠ ଯନ୍ତ୍ରୀ, ନିର୍ବାହୀ ଅଧିକାରୀ, ଗ୍ରା.ରୋ.ସେ
		କୁଟିସାନ୍ଦା	-ଏକନ-	ଏସ୍.ଇ.ଓ, କନିଷ୍ଠ ଯନ୍ତ୍ରୀ, ନିର୍ବାହୀ ଅଧିକାରୀ, ଗ୍ରା.ରୋ.ସେ
୨	ତା.୧୯.୦୭.୨୦୧୩ ପୂ.ଘ.୧୦.୦୦	ଉଚ୍ଚଗାଁ	-ଏକନ-	ସହକାରୀ ଯନ୍ତ୍ରୀ, ନିର୍ବାହୀ ଅଧିକାରୀ, ଗ୍ରା.ରୋ.ସେ
		ସିନାପାଲି	-ଏକନ-	ଏସ୍.ଇ.ଓ, କନିଷ୍ଠ ଯନ୍ତ୍ରୀ, ନିର୍ବାହୀ ଅଧିକାରୀ, ଗ୍ରା.ରୋ.ସେ
		ଗୋଡ଼ଳ	-ଏକନ-	ଜି.ଡି.ଓ, କନିଷ୍ଠ ଯନ୍ତ୍ରୀ, ନିର୍ବାହୀ ଅଧିକାରୀ, ଗ୍ରା.ରୋ.ସେ
		ନଗଲଡୋବ	-ଏକନ-	ପି.ଏ, କନିଷ୍ଠ ଯନ୍ତ୍ରୀ, ନିର୍ବାହୀ ଅଧିକାରୀ, ଗ୍ରା.ରୋ.ସେ
		ଚନ୍ଦନାଗା	-ଏକନ-	ପି.ଇ.ଓ, କନିଷ୍ଠ ଯନ୍ତ୍ରୀ, ନିର୍ବାହୀ ଅଧିକାରୀ, ଗ୍ରା.ରୋ.ସେ
୩	ତା.୨୧.୦୭.୨୦୧୩ ପୂ.ଘ.୧୦.୦୦	ଖିଲିଗାଁ	-ଏକନ-	ଜି.ଡି.ଓ, କନିଷ୍ଠ ଯନ୍ତ୍ରୀ, ନିର୍ବାହୀ ଅଧିକାରୀ, ଗ୍ରା.ରୋ.ସେ
		ଗୋଟମା	-ଏକନ-	ପି.ଏ, କନିଷ୍ଠ ଯନ୍ତ୍ରୀ, ନିର୍ବାହୀ ଅଧିକାରୀ, ଗ୍ରା.ରୋ.ସେ
		ଦୁପାଗାଁ	-ଏକନ-	ପି.ଇ.ଓ, କନିଷ୍ଠ ଯନ୍ତ୍ରୀ, ନିର୍ବାହୀ ଅଧିକାରୀ, ଗ୍ରା.ରୋ.ସେ
		ମାଡ଼ାଗାଁ	-ଏକନ-	ଏସ୍.ଇ.ଓ, କନିଷ୍ଠ ଯନ୍ତ୍ରୀ, ନିର୍ବାହୀ ଅଧିକାରୀ, ଗ୍ରା.ରୋ.ସେ
		ଧର୍ମଗଡ଼	-ଏକନ-	ସହକାରୀ ଯନ୍ତ୍ରୀ, ନିର୍ବାହୀ ଅଧିକାରୀ, ଗ୍ରା.ରୋ.ସେ
୪	ତା.୨୨.୦୭.୨୦୧୩ ପୂ.ଘ.୧୦.୦୦	ଟଟିଆଗୁଡ଼ା	-ଏକନ-	ଜି.ଡି.ଓ, କନିଷ୍ଠ ଯନ୍ତ୍ରୀ, ନିର୍ବାହୀ ଅଧିକାରୀ, ଗ୍ରା.ରୋ.ସେ
		ଖରସରଦା	-ଏକନ-	ପି.ଏ, କନିଷ୍ଠ ଯନ୍ତ୍ରୀ, ନିର୍ବାହୀ ଅଧିକାରୀ, ଗ୍ରା.ରୋ.ସେ
		ନିଲଦା	-ଏକନ-	ଏସ୍.ଇ.ଓ, କନିଷ୍ଠ ଯନ୍ତ୍ରୀ, ନିର୍ବାହୀ ଅଧିକାରୀ, ଗ୍ରା.ରୋ.ସେ
		ମାଣପାରେ	-ଏକନ-	ପି.ଇ.ଓ, କନିଷ୍ଠ ଯନ୍ତ୍ରୀ, ନିର୍ବାହୀ ଅଧିକାରୀ, ଗ୍ରା.ରୋ.ସେ
୫	ତା.୨୪.୦୭.୨୦୧୩ ପୂ.ଘ.୧୦.୦୦	ଗୋବରା	-ଏକନ-	ପି.ଏ, କନିଷ୍ଠ ଯନ୍ତ୍ରୀ, ନିର୍ବାହୀ ଅଧିକାରୀ, ଗ୍ରା.ରୋ.ସେ
		ଝୋଳା	-ଏକନ-	ଜି.ପି.ଇ.ଓ, କନିଷ୍ଠ ଯନ୍ତ୍ରୀ, ନିର୍ବାହୀ ଅଧିକାରୀ, ଗ୍ରା.ରୋ.ସେ
		କୁସୁମଜୋର	-ଏକନ-	ସହକାରୀ ଯନ୍ତ୍ରୀ, ନିର୍ବାହୀ ଅଧିକାରୀ, ଗ୍ରା.ରୋ.ସେ
ଏହି ସାମାଜିକ ସମୀକ୍ଷାରେ ସମସ୍ତ ଗ୍ରାମବାସୀଙ୍କୁ ଉପସ୍ଥିତ ରହିବାକୁ ଅନୁରୋଧ କରାଯାଉଅଛି ।
୧. ମହାତ୍ମା ଗାନ୍ଧୀ ଜାତୀୟ ଗ୍ରାମୀଣ ନିଯୁକ୍ତି ନିଶ୍ଚୟତା ଯୋଜନାରେ କାର୍ଯ୍ୟ କରିଥିବା ଶ୍ରମିକମାନେ ସ୍ୱଚ୍ଛତା ଯାଞ୍ଚ କରିପାରିବେ ।
୨. ମଜୁରୀ ଦେୟ ଓ ଜବ୍ କାର୍ଡ ସମ୍ବନ୍ଧୀୟ ଅଭିଯୋଗ ସଭାରେ ଉପସ୍ଥାପନ କରାଯାଇପାରିବ ।
୩. ସମସ୍ତ କାର୍ଯ୍ୟର ନଥିପତ୍ର ସଭାରେ ଉପଲବ୍ଧ ରହିବ ।
୪. ଗ୍ରାମସଭାର ନିଷ୍ପତ୍ତି ଅନୁଯାୟୀ ପରବର୍ତ୍ତୀ କାର୍ଯ୍ୟାନୁଷ୍ଠାନ ଗ୍ରହଣ କରାଯିବ ।
ସ୍ୱା:/- ଗୋଷ୍ଠୀ ଉନ୍ନୟନ ଅଧିକାରୀ ତଥା କାର୍ଯ୍ୟନିର୍ବାହୀ ଅଧିକାରୀ
ଏସ୍.ଜି.ଏସ୍.ଆର୍.ୱାଇ., ସିନାପାଲି
୧୦୪	ଏସ୍‌ସି/ଡବ୍ଲ୍ୟୁଏମ୍-୧୦	ସିଟି/ୱାଶର ମ୍ୟାନ୍	ଗୋପୀନାଥ ସେଠୀ	କାଙ୍ଗାଳି ଚରଣ ସେଠୀ
୧୦୫	ଏସ୍‌ସି/ଡବ୍ଲ୍ୟୁଏମ୍-୨୧	ସିଟି/ୱାଶର ମ୍ୟାନ୍	ବିମଳ କୁମାର ସେଠୀ	ସୁରେନ୍ଦ୍ର ସେଠୀ
୧୦୬	ଏସ୍‌ଟି/ଡବ୍ଲ୍ୟୁଏମ୍-୧୫	ସିଟି/ୱାଶର ମ୍ୟାନ୍	ରାକେଶ ଚନ୍ଦ୍ର ଡାଙ୍ଗୀ	ଛବିଳ ଡାଙ୍ଗୀ
୧୦୭	ଏସ୍‌ଟି/ଡବ୍ଲ୍ୟୁଏମ୍-୨୧	ସିଟି/ୱାଶର ମ୍ୟାନ୍	ସାଧୁ ଓରାମ	ମାଙ୍ଗା ଓରାମ
୧୦୮	ଏସ୍‌ଟି/ଡବ୍ଲ୍ୟୁଏମ୍-୩୧	ସିଟି/ୱାଶର ମ୍ୟାନ୍	ରମାକାନ୍ତ ନାୟକ	ନୃପତି ନାୟକ
ସ୍ୱା:/- ତା୦୮।୦୭।୨୦୧୩ରିଖ
(ଜି.ଏସ୍. ମିଶ୍ର), ଡିଆଇଜିପି,
ଜିସି ସିଆରପିଏଫ୍, ଭୁବନେଶ୍ୱର
davp 19111/11/0058/1314
